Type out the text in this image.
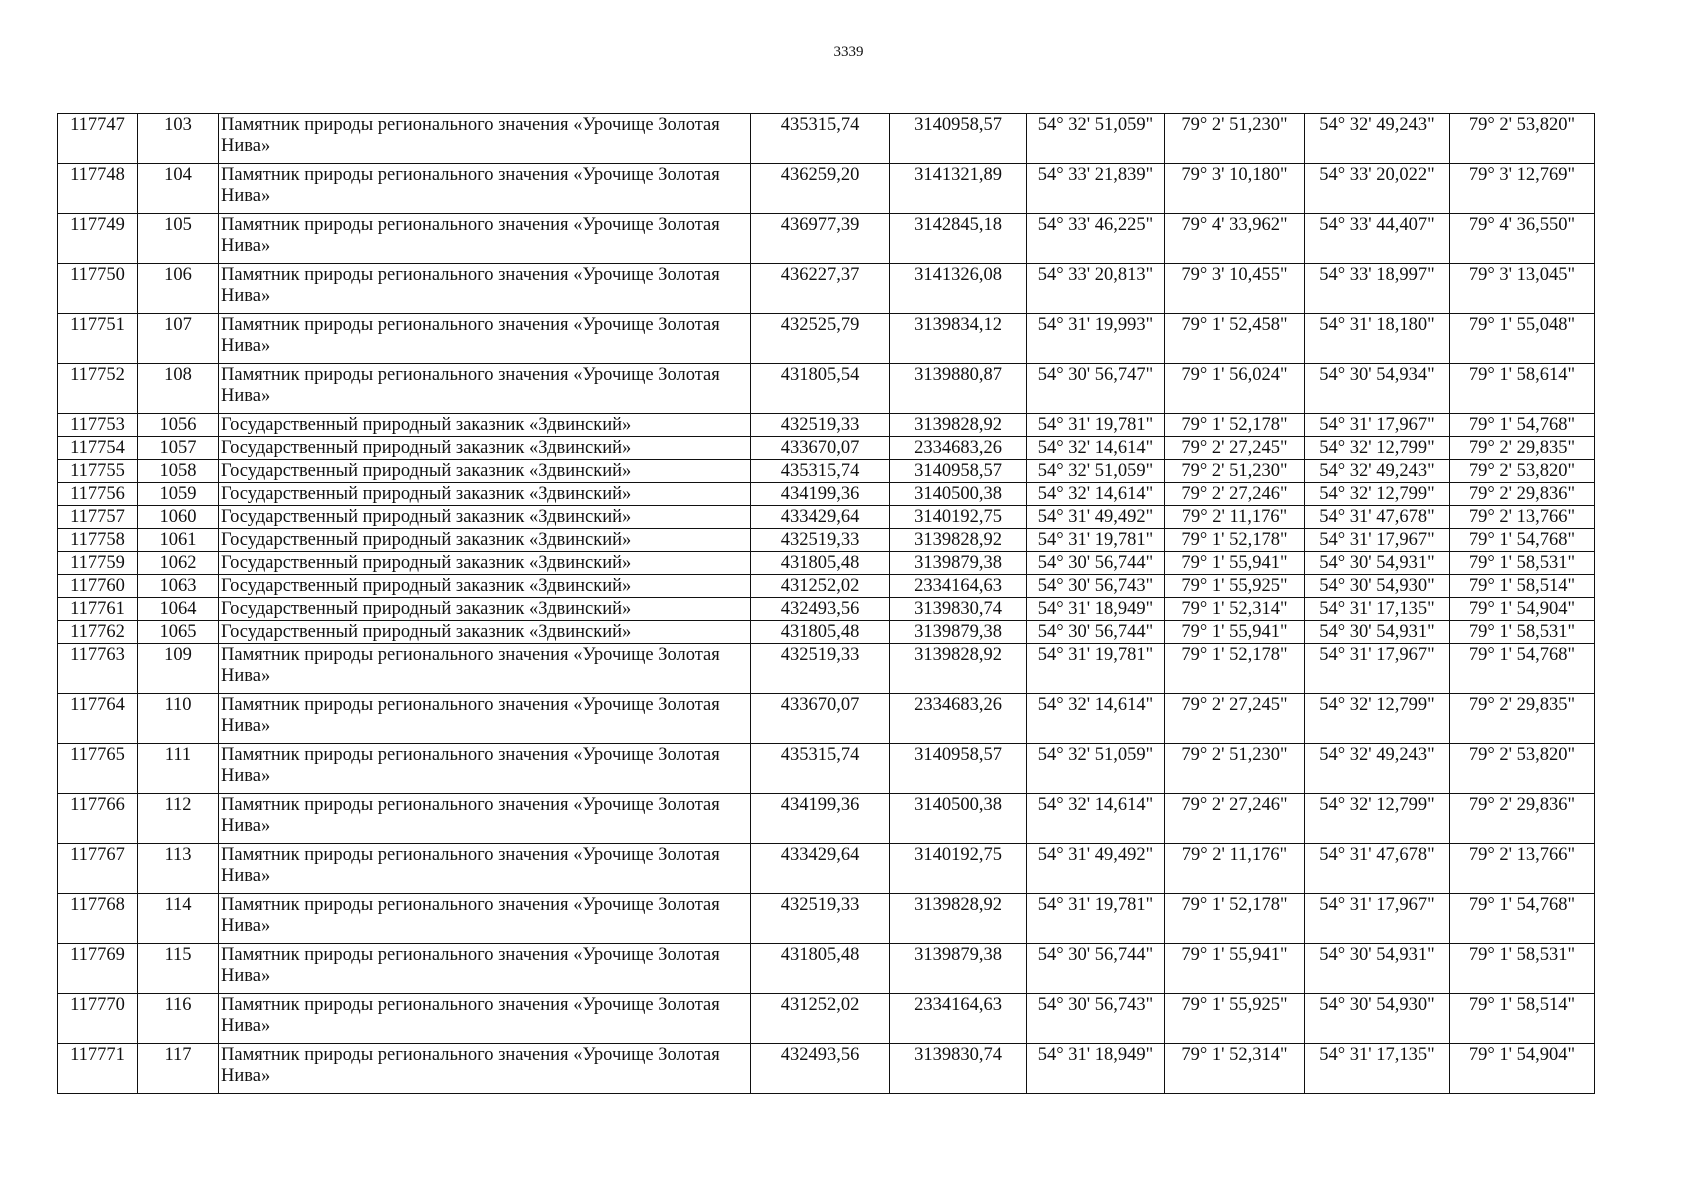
3339
117747	103	Памятник природы регионального значения «Урочище Золотая Нива»	435315,74	3140958,57	54° 32' 51,059"	79° 2' 51,230"	54° 32' 49,243"	79° 2' 53,820"
117748	104	Памятник природы регионального значения «Урочище Золотая Нива»	436259,20	3141321,89	54° 33' 21,839"	79° 3' 10,180"	54° 33' 20,022"	79° 3' 12,769"
117749	105	Памятник природы регионального значения «Урочище Золотая Нива»	436977,39	3142845,18	54° 33' 46,225"	79° 4' 33,962"	54° 33' 44,407"	79° 4' 36,550"
117750	106	Памятник природы регионального значения «Урочище Золотая Нива»	436227,37	3141326,08	54° 33' 20,813"	79° 3' 10,455"	54° 33' 18,997"	79° 3' 13,045"
117751	107	Памятник природы регионального значения «Урочище Золотая Нива»	432525,79	3139834,12	54° 31' 19,993"	79° 1' 52,458"	54° 31' 18,180"	79° 1' 55,048"
117752	108	Памятник природы регионального значения «Урочище Золотая Нива»	431805,54	3139880,87	54° 30' 56,747"	79° 1' 56,024"	54° 30' 54,934"	79° 1' 58,614"
117753	1056	Государственный природный заказник «Здвинский»	432519,33	3139828,92	54° 31' 19,781"	79° 1' 52,178"	54° 31' 17,967"	79° 1' 54,768"
117754	1057	Государственный природный заказник «Здвинский»	433670,07	2334683,26	54° 32' 14,614"	79° 2' 27,245"	54° 32' 12,799"	79° 2' 29,835"
117755	1058	Государственный природный заказник «Здвинский»	435315,74	3140958,57	54° 32' 51,059"	79° 2' 51,230"	54° 32' 49,243"	79° 2' 53,820"
117756	1059	Государственный природный заказник «Здвинский»	434199,36	3140500,38	54° 32' 14,614"	79° 2' 27,246"	54° 32' 12,799"	79° 2' 29,836"
117757	1060	Государственный природный заказник «Здвинский»	433429,64	3140192,75	54° 31' 49,492"	79° 2' 11,176"	54° 31' 47,678"	79° 2' 13,766"
117758	1061	Государственный природный заказник «Здвинский»	432519,33	3139828,92	54° 31' 19,781"	79° 1' 52,178"	54° 31' 17,967"	79° 1' 54,768"
117759	1062	Государственный природный заказник «Здвинский»	431805,48	3139879,38	54° 30' 56,744"	79° 1' 55,941"	54° 30' 54,931"	79° 1' 58,531"
117760	1063	Государственный природный заказник «Здвинский»	431252,02	2334164,63	54° 30' 56,743"	79° 1' 55,925"	54° 30' 54,930"	79° 1' 58,514"
117761	1064	Государственный природный заказник «Здвинский»	432493,56	3139830,74	54° 31' 18,949"	79° 1' 52,314"	54° 31' 17,135"	79° 1' 54,904"
117762	1065	Государственный природный заказник «Здвинский»	431805,48	3139879,38	54° 30' 56,744"	79° 1' 55,941"	54° 30' 54,931"	79° 1' 58,531"
117763	109	Памятник природы регионального значения «Урочище Золотая Нива»	432519,33	3139828,92	54° 31' 19,781"	79° 1' 52,178"	54° 31' 17,967"	79° 1' 54,768"
117764	110	Памятник природы регионального значения «Урочище Золотая Нива»	433670,07	2334683,26	54° 32' 14,614"	79° 2' 27,245"	54° 32' 12,799"	79° 2' 29,835"
117765	111	Памятник природы регионального значения «Урочище Золотая Нива»	435315,74	3140958,57	54° 32' 51,059"	79° 2' 51,230"	54° 32' 49,243"	79° 2' 53,820"
117766	112	Памятник природы регионального значения «Урочище Золотая Нива»	434199,36	3140500,38	54° 32' 14,614"	79° 2' 27,246"	54° 32' 12,799"	79° 2' 29,836"
117767	113	Памятник природы регионального значения «Урочище Золотая Нива»	433429,64	3140192,75	54° 31' 49,492"	79° 2' 11,176"	54° 31' 47,678"	79° 2' 13,766"
117768	114	Памятник природы регионального значения «Урочище Золотая Нива»	432519,33	3139828,92	54° 31' 19,781"	79° 1' 52,178"	54° 31' 17,967"	79° 1' 54,768"
117769	115	Памятник природы регионального значения «Урочище Золотая Нива»	431805,48	3139879,38	54° 30' 56,744"	79° 1' 55,941"	54° 30' 54,931"	79° 1' 58,531"
117770	116	Памятник природы регионального значения «Урочище Золотая Нива»	431252,02	2334164,63	54° 30' 56,743"	79° 1' 55,925"	54° 30' 54,930"	79° 1' 58,514"
117771	117	Памятник природы регионального значения «Урочище Золотая Нива»	432493,56	3139830,74	54° 31' 18,949"	79° 1' 52,314"	54° 31' 17,135"	79° 1' 54,904"
